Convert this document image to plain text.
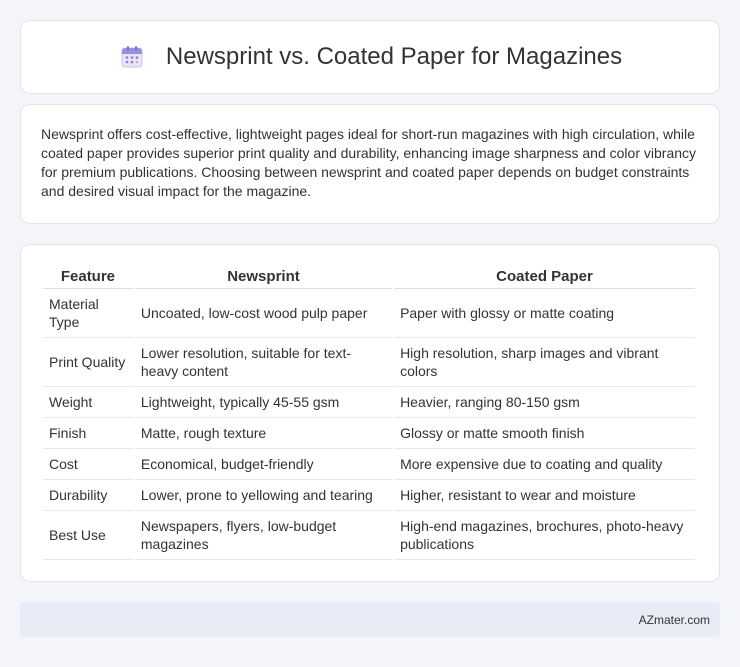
Newsprint vs. Coated Paper for Magazines

Newsprint offers cost-effective, lightweight pages ideal for short-run magazines with high circulation, while coated paper provides superior print quality and durability, enhancing image sharpness and color vibrancy for premium publications. Choosing between newsprint and coated paper depends on budget constraints and desired visual impact for the magazine.

Feature	Newsprint	Coated Paper
Material Type	Uncoated, low-cost wood pulp paper	Paper with glossy or matte coating
Print Quality	Lower resolution, suitable for text-heavy content	High resolution, sharp images and vibrant colors
Weight	Lightweight, typically 45-55 gsm	Heavier, ranging 80-150 gsm
Finish	Matte, rough texture	Glossy or matte smooth finish
Cost	Economical, budget-friendly	More expensive due to coating and quality
Durability	Lower, prone to yellowing and tearing	Higher, resistant to wear and moisture
Best Use	Newspapers, flyers, low-budget magazines	High-end magazines, brochures, photo-heavy publications
AZmater.com
